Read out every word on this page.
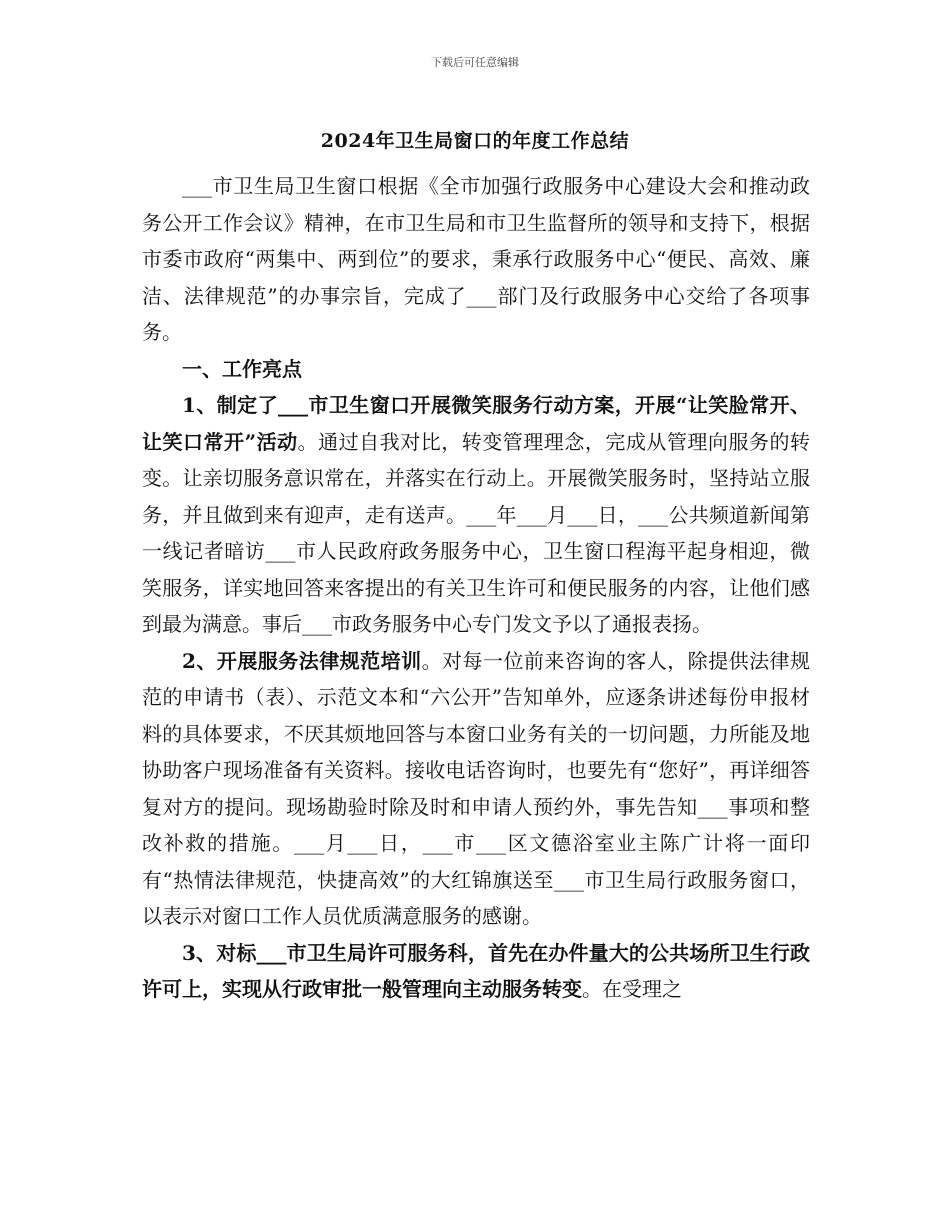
下载后可任意编辑
2024年卫生局窗口的年度工作总结

___市卫生局卫生窗口根据《全市加强行政服务中心建设大会和推动政务公开工作会议》精神，在市卫生局和市卫生监督所的领导和支持下，根据市委市政府“两集中、两到位”的要求，秉承行政服务中心“便民、高效、廉洁、法律规范”的办事宗旨，完成了___部门及行政服务中心交给了各项事务。

一、工作亮点

1、制定了___市卫生窗口开展微笑服务行动方案，开展“让笑脸常开、让笑口常开”活动。通过自我对比，转变管理理念，完成从管理向服务的转变。让亲切服务意识常在，并落实在行动上。开展微笑服务时，坚持站立服务，并且做到来有迎声，走有送声。___年___月___日，___公共频道新闻第一线记者暗访___市人民政府政务服务中心，卫生窗口程海平起身相迎，微笑服务，详实地回答来客提出的有关卫生许可和便民服务的内容，让他们感到最为满意。事后___市政务服务中心专门发文予以了通报表扬。

2、开展服务法律规范培训。对每一位前来咨询的客人，除提供法律规范的申请书（表）、示范文本和“六公开”告知单外，应逐条讲述每份申报材料的具体要求，不厌其烦地回答与本窗口业务有关的一切问题，力所能及地协助客户现场准备有关资料。接收电话咨询时，也要先有“您好”，再详细答复对方的提问。现场勘验时除及时和申请人预约外，事先告知___事项和整改补救的措施。___月___日，___市___区文德浴室业主陈广计将一面印有“热情法律规范，快捷高效”的大红锦旗送至___市卫生局行政服务窗口，以表示对窗口工作人员优质满意服务的感谢。

3、对标___市卫生局许可服务科，首先在办件量大的公共场所卫生行政许可上，实现从行政审批一般管理向主动服务转变。在受理之
